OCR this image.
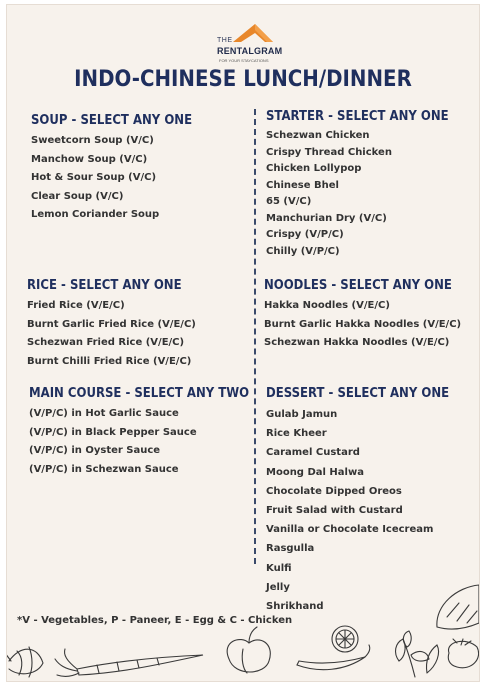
THE
RENTALGRAM
FOR YOUR STAYCATIONS
INDO-CHINESE LUNCH/DINNER
SOUP - SELECT ANY ONE
Sweetcorn Soup (V/C)
Manchow Soup (V/C)
Hot & Sour Soup (V/C)
Clear Soup (V/C)
Lemon Coriander Soup
STARTER - SELECT ANY ONE
Schezwan Chicken
Crispy Thread Chicken
Chicken Lollypop
Chinese Bhel
65 (V/C)
Manchurian Dry (V/C)
Crispy (V/P/C)
Chilly (V/P/C)
RICE - SELECT ANY ONE
Fried Rice (V/E/C)
Burnt Garlic Fried Rice (V/E/C)
Schezwan Fried Rice (V/E/C)
Burnt Chilli Fried Rice (V/E/C)
NOODLES - SELECT ANY ONE
Hakka Noodles (V/E/C)
Burnt Garlic Hakka Noodles (V/E/C)
Schezwan Hakka Noodles (V/E/C)
MAIN COURSE - SELECT ANY TWO
(V/P/C) in Hot Garlic Sauce
(V/P/C) in Black Pepper Sauce
(V/P/C) in Oyster Sauce
(V/P/C) in Schezwan Sauce
DESSERT - SELECT ANY ONE
Gulab Jamun
Rice Kheer
Caramel Custard
Moong Dal Halwa
Chocolate Dipped Oreos
Fruit Salad with Custard
Vanilla or Chocolate Icecream
Rasgulla
Kulfi
Jelly
Shrikhand
*V - Vegetables, P - Paneer, E - Egg & C - Chicken
